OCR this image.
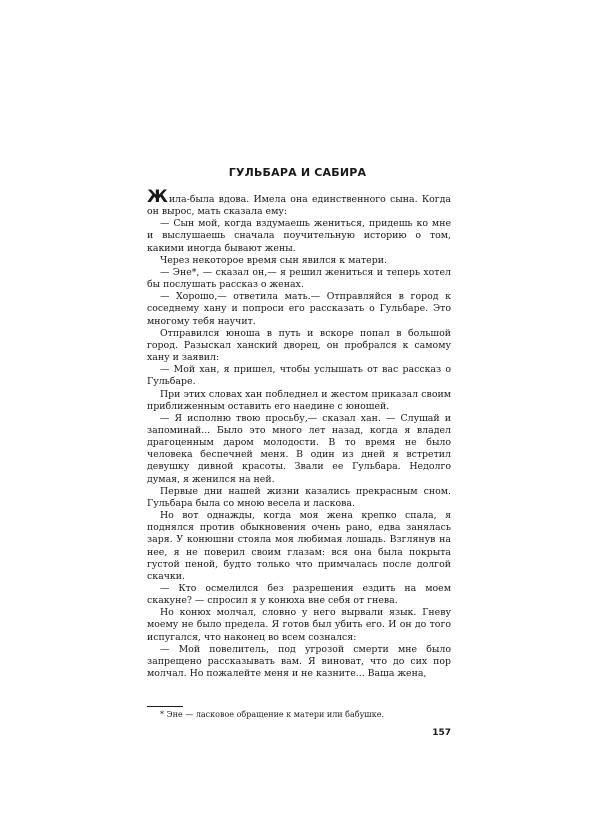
ГУЛЬБАРА И САБИРА

Жила-была вдова. Имела она единственного сына. Когда он вырос, мать сказала ему:

— Сын мой, когда вздумаешь жениться, придешь ко мне и выслушаешь сначала поучительную историю о том, какими иногда бывают жены.

Через некоторое время сын явился к матери.

— Эне*, — сказал он,— я решил жениться и теперь хотел бы послушать рассказ о женах.

— Хорошо,— ответила мать.— Отправляйся в город к соседнему хану и попроси его рассказать о Гульбаре. Это многому тебя научит.

Отправился юноша в путь и вскоре попал в большой город. Разыскал ханский дворец, он пробрался к самому хану и заявил:

— Мой хан, я пришел, чтобы услышать от вас рассказ о Гульбаре.

При этих словах хан побледнел и жестом приказал своим приближенным оставить его наедине с юношей.

— Я исполню твою просьбу,— сказал хан. — Слушай и запоминай... Было это много лет назад, когда я владел драгоценным даром молодости. В то время не было человека беспечней меня. В один из дней я встретил девушку дивной красоты. Звали ее Гульбара. Недолго думая, я женился на ней.

Первые дни нашей жизни казались прекрасным сном. Гульбара была со мною весела и ласкова.

Но вот однажды, когда моя жена крепко спала, я поднялся против обыкновения очень рано, едва занялась заря. У конюшни стояла моя любимая лошадь. Взглянув на нее, я не поверил своим глазам: вся она была покрыта густой пеной, будто только что примчалась после долгой скачки.

— Кто осмелился без разрешения ездить на моем скакуне? — спросил я у конюха вне себя от гнева.

Но конюх молчал, словно у него вырвали язык. Гневу моему не было предела. Я готов был убить его. И он до того испугался, что наконец во всем сознался:

— Мой повелитель, под угрозой смерти мне было запрещено рассказывать вам. Я виноват, что до сих пор молчал. Но пожалейте меня и не казните... Ваша жена,

* Эне — ласковое обращение к матери или бабушке.
157
